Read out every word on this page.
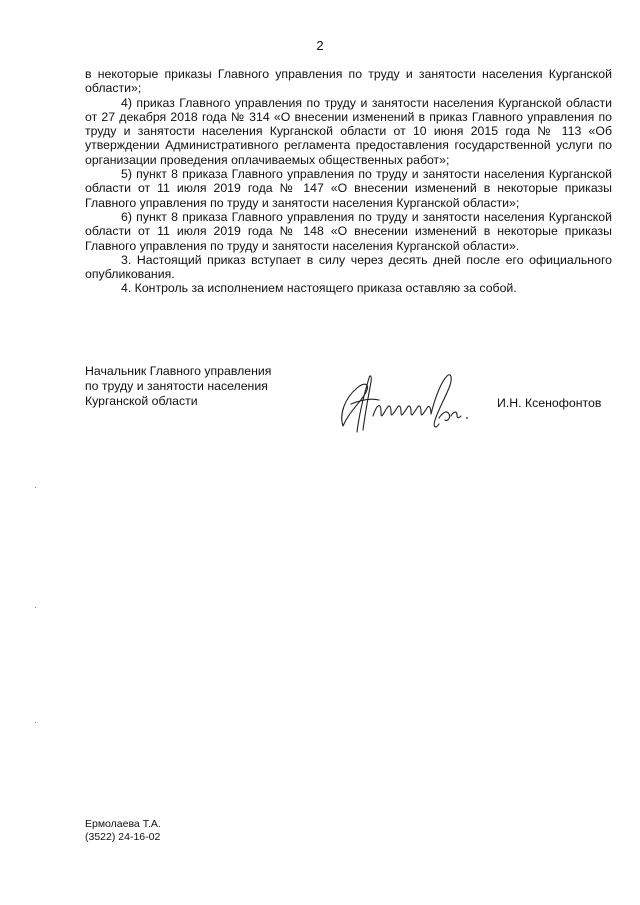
2

в некоторые приказы Главного управления по труду и занятости населения Курганской области»;

4) приказ Главного управления по труду и занятости населения Курганской области от 27 декабря 2018 года № 314 «О внесении изменений в приказ Главного управления по труду и занятости населения Курганской области от 10 июня 2015 года № 113 «Об утверждении Административного регламента предоставления государственной услуги по организации проведения оплачиваемых общественных работ»;

5) пункт 8 приказа Главного управления по труду и занятости населения Курганской области от 11 июля 2019 года № 147 «О внесении изменений в некоторые приказы Главного управления по труду и занятости населения Курганской области»;

6) пункт 8 приказа Главного управления по труду и занятости населения Курганской области от 11 июля 2019 года № 148 «О внесении изменений в некоторые приказы Главного управления по труду и занятости населения Курганской области».

3. Настоящий приказ вступает в силу через десять дней после его официального опубликования.

4. Контроль за исполнением настоящего приказа оставляю за собой.

Начальник Главного управления
по труду и занятости населения
Курганской области	И.Н. Ксенофонтов
Ермолаева Т.А.
(3522) 24-16-02
